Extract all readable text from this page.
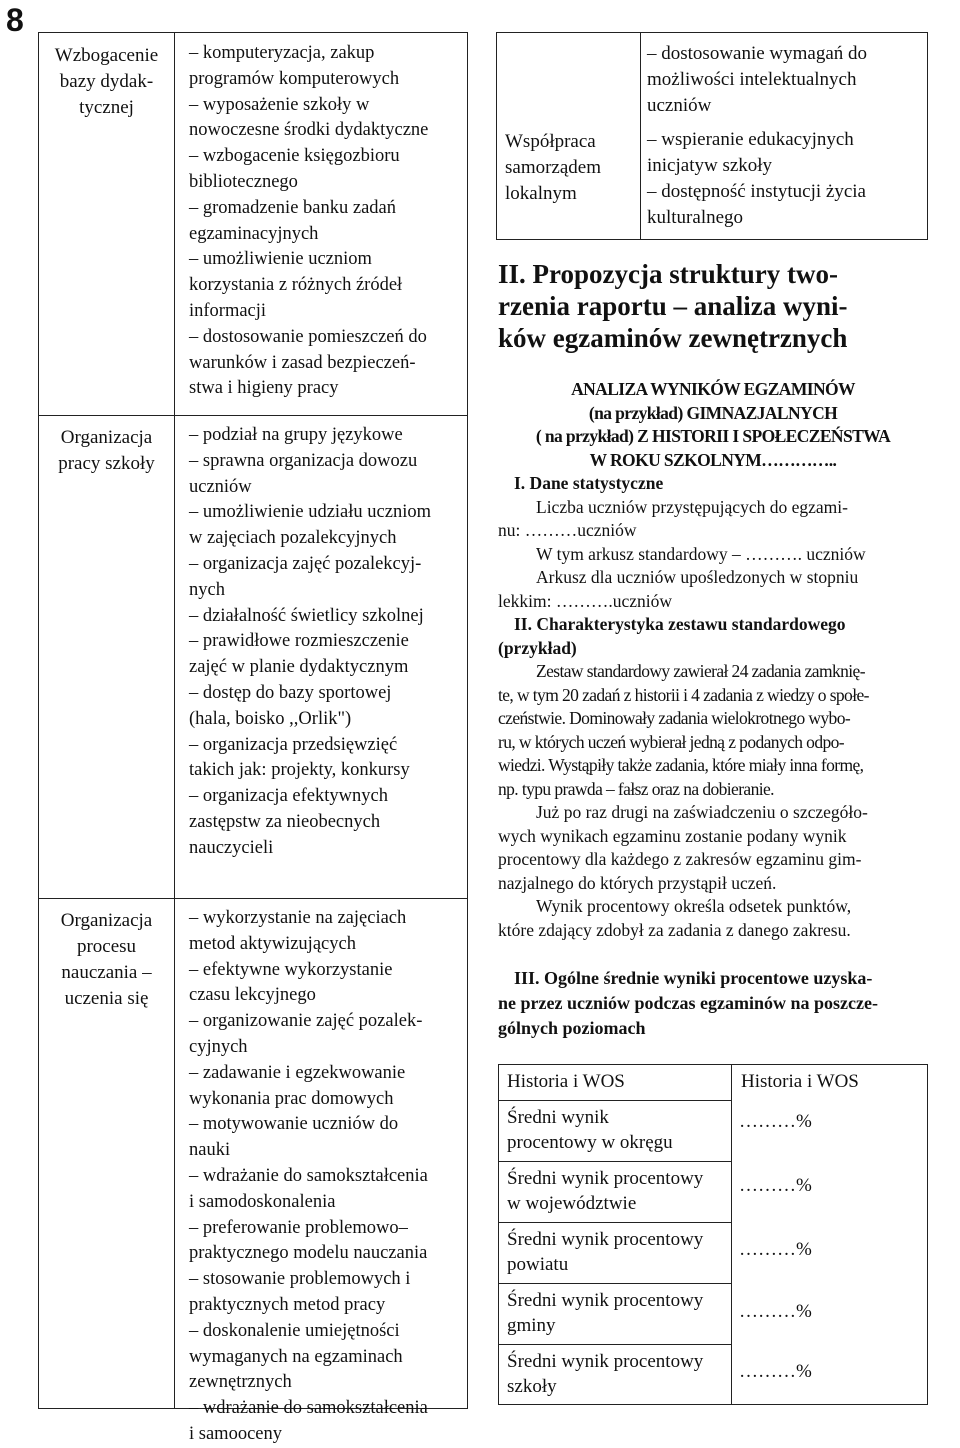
8
Wzbogacenie
bazy dydak-
tycznej
– komputeryzacja, zakup
programów komputerowych
– wyposażenie szkoły w
nowoczesne środki dydaktyczne
– wzbogacenie księgozbioru
bibliotecznego
– gromadzenie banku zadań
egzaminacyjnych
– umożliwienie uczniom
korzystania z różnych źródeł
informacji
– dostosowanie pomieszczeń do
warunków i zasad bezpieczeń-
stwa i higieny pracy
Organizacja
pracy szkoły
– podział na grupy językowe
– sprawna organizacja dowozu
uczniów
– umożliwienie udziału uczniom
w zajęciach pozalekcyjnych
– organizacja zajęć pozalekcyj-
nych
– działalność świetlicy szkolnej
– prawidłowe rozmieszczenie
zajęć w planie dydaktycznym
– dostęp do bazy sportowej
(hala, boisko ,,Orlik")
– organizacja przedsięwzięć
takich jak: projekty, konkursy
– organizacja efektywnych
zastępstw za nieobecnych
nauczycieli
Organizacja
procesu
nauczania –
uczenia się
– wykorzystanie na zajęciach
metod aktywizujących
– efektywne wykorzystanie
czasu lekcyjnego
– organizowanie zajęć pozalek-
cyjnych
– zadawanie i egzekwowanie
wykonania prac domowych
– motywowanie uczniów do
nauki
– wdrażanie do samokształcenia
i samodoskonalenia
– preferowanie problemowo–
praktycznego modelu nauczania
– stosowanie problemowych i
praktycznych metod pracy
– doskonalenie umiejętności
wymaganych na egzaminach
zewnętrznych
– wdrażanie do samokształcenia
i samooceny
Współpraca
samorządem
lokalnym
– dostosowanie wymagań do
możliwości intelektualnych
uczniów
– wspieranie edukacyjnych
inicjatyw szkoły
– dostępność instytucji życia
kulturalnego
II. Propozycja struktury two-
rzenia raportu – analiza wyni-
ków egzaminów zewnętrznych
ANALIZA WYNIKÓW EGZAMINÓW
(na przykład) GIMNAZJALNYCH
( na przykład) Z HISTORII I SPOŁECZEŃSTWA
W ROKU SZKOLNYM…………..
I. Dane statystyczne
Liczba uczniów przystępujących do egzami-
nu: ………uczniów
W tym arkusz standardowy – ………. uczniów
Arkusz dla uczniów upośledzonych w stopniu
lekkim: ……….uczniów
II. Charakterystyka zestawu standardowego
(przykład)
Zestaw standardowy zawierał 24 zadania zamknię-
te, w tym 20 zadań z historii i 4 zadania z wiedzy o społe-
czeństwie. Dominowały zadania wielokrotnego wybo-
ru, w których uczeń wybierał jedną z podanych odpo-
wiedzi. Wystąpiły także zadania, które miały inna formę,
np. typu prawda – fałsz oraz na dobieranie.
Już po raz drugi na zaświadczeniu o szczegóło-
wych wynikach egzaminu zostanie podany wynik
procentowy dla każdego z zakresów egzaminu gim-
nazjalnego do których przystąpił uczeń.
Wynik procentowy określa odsetek punktów,
które zdający zdobył za zadania z danego zakresu.
III. Ogólne średnie wyniki procentowe uzyska-
ne przez uczniów podczas egzaminów na poszcze-
gólnych poziomach
Historia i WOS	Historia i WOS
Średni wynik
procentowy w okręgu
………%
Średni wynik procentowy
w województwie
………%
Średni wynik procentowy
powiatu
………%
Średni wynik procentowy
gminy
………%
Średni wynik procentowy
szkoły
………%
